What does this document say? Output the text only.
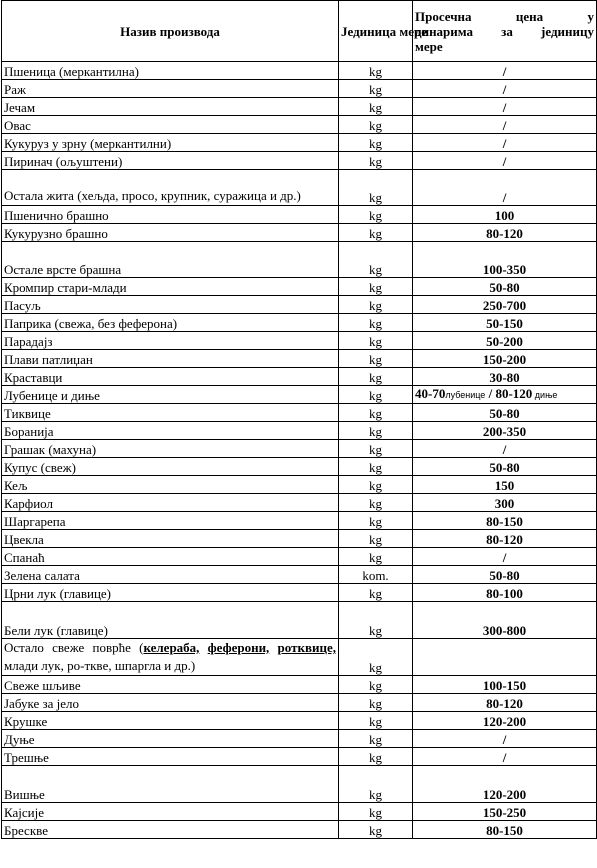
Назив производа	Јединица мере	Просечна цена у
динарима за јединицу
мере

Пшеница (меркантилна)	kg	/
Раж	kg	/
Јечам	kg	/
Овас	kg	/
Кукуруз у зрну (меркантилни)	kg	/
Пиринач (ољуштени)	kg	/
Остала жита (хељда, просо, крупник, суражица и др.)	kg	/
Пшенично брашно	kg	100
Кукурузно брашно	kg	80-120
Остале врсте брашна	kg	100-350
Кромпир стари-млади	kg	50-80
Пасуљ	kg	250-700
Паприка (свежа, без феферона)	kg	50-150
Парадајз	kg	50-200
Плави патлиџан	kg	150-200
Краставци	kg	30-80
Лубенице и диње	kg	40-70лубенице / 80-120 диње
Тиквице	kg	50-80
Боранија	kg	200-350
Грашак (махуна)	kg	/
Купус (свеж)	kg	50-80
Кељ	kg	150
Карфиол	kg	300
Шаргарепа	kg	80-150
Цвекла	kg	80-120
Спанаћ	kg	/
Зелена салата	kom.	50-80
Црни лук (главице)	kg	80-100
Бели лук (главице)	kg	300-800
Остало свеже поврће (келераба, феферони, ротквице, млади лук, ро-тквe, шпаргла и др.)	kg	
Свеже шљиве	kg	100-150
Јабуке за јело	kg	80-120
Крушке	kg	120-200
Дуње	kg	/
Трешње	kg	/
Вишње	kg	120-200
Кајсије	kg	150-250
Брескве	kg	80-150
